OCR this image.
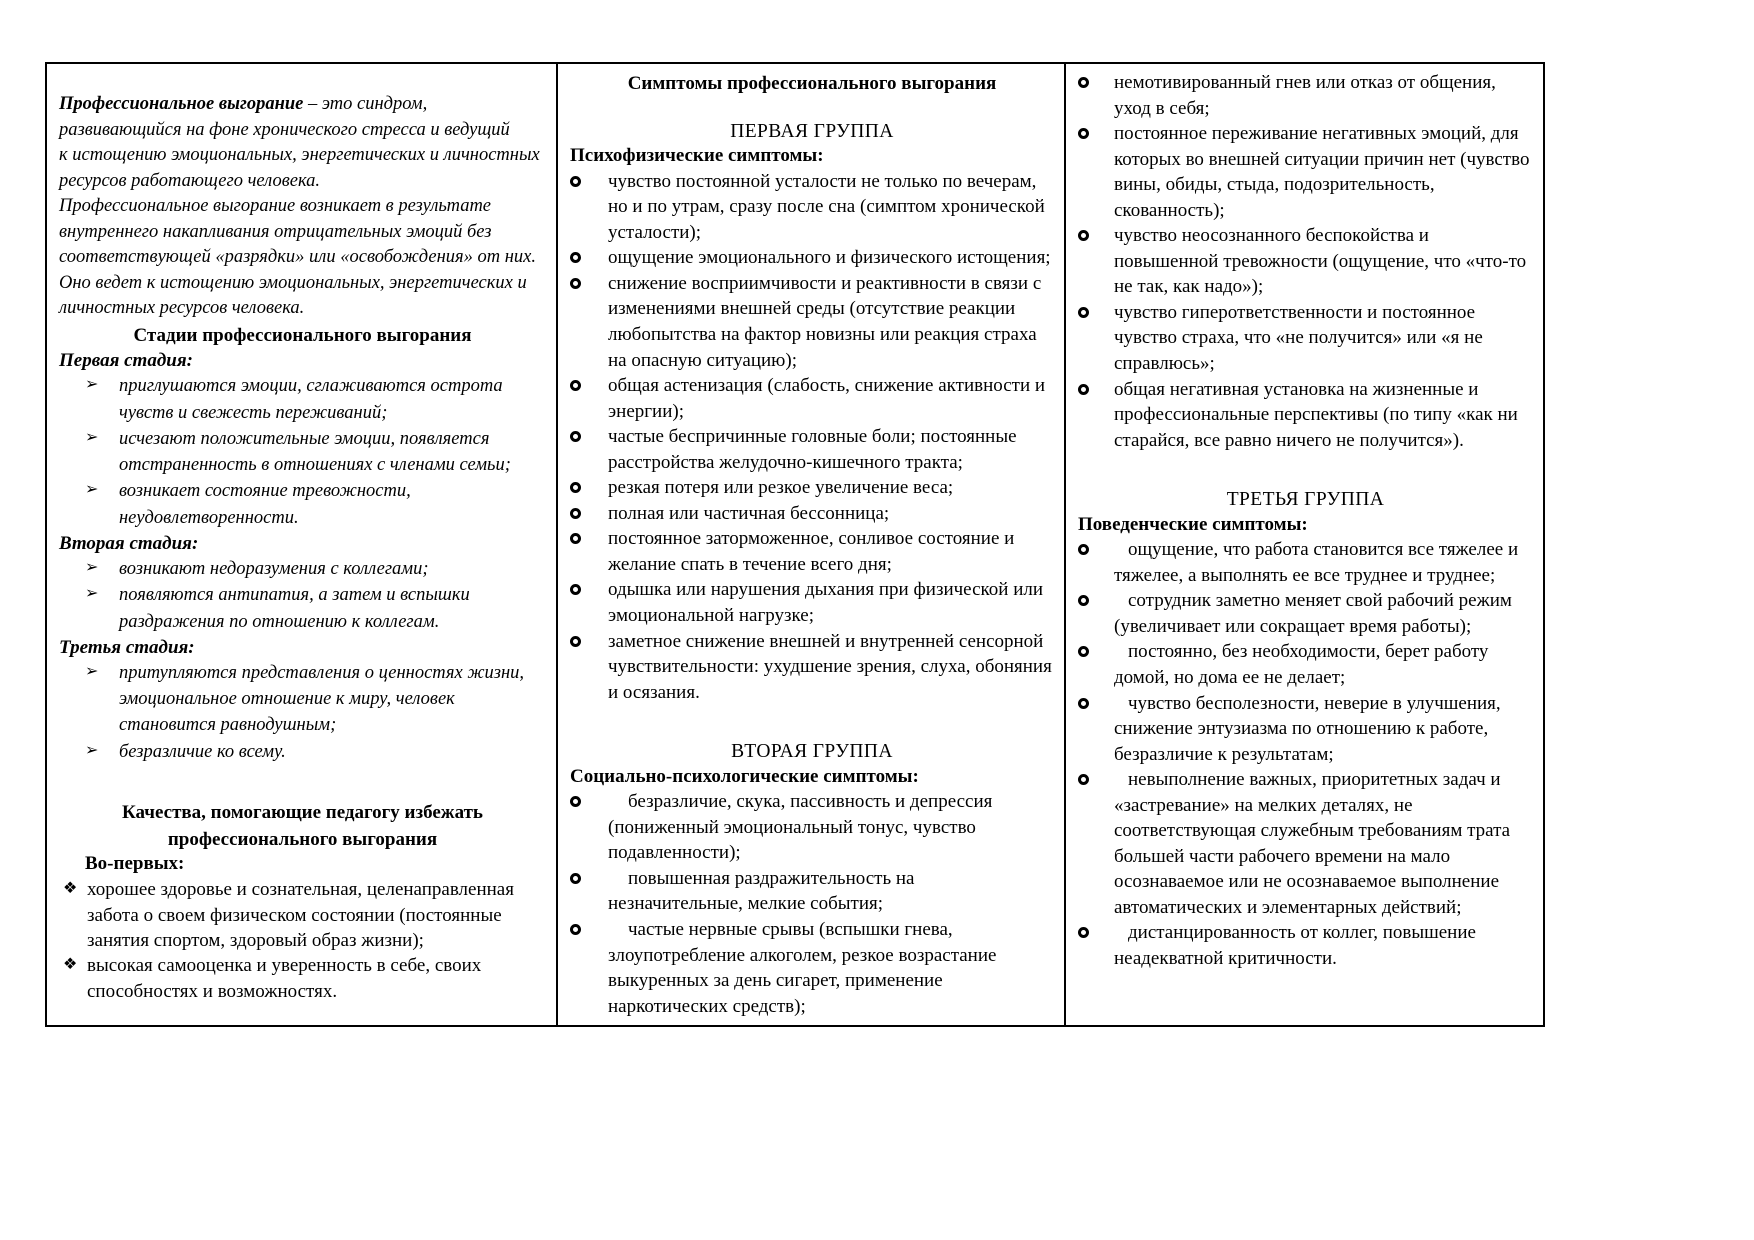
Профессиональное выгорание – это синдром, развивающийся на фоне хронического стресса и ведущий

к истощению эмоциональных, энергетических и личностных ресурсов работающего человека.

Профессиональное выгорание возникает в результате внутреннего накапливания отрицательных эмоций без соответствующей «разрядки» или «освобождения» от них. Оно ведет к истощению эмоциональных, энергетических и личностных ресурсов человека.

Стадии профессионального выгорания

Первая стадия:

➢	приглушаются эмоции, сглаживаются острота чувств и свежесть переживаний;
➢	исчезают положительные эмоции, появляется отстраненность в отношениях с членами семьи;
➢	возникает состояние тревожности, неудовлетворенности.

Вторая стадия:

➢	возникают недоразумения с коллегами;
➢	появляются антипатия, а затем и вспышки раздражения по отношению к коллегам.

Третья стадия:

➢	притупляются представления о ценностях жизни, эмоциональное отношение к миру, человек становится равнодушным;
➢	безразличие ко всему.

Качества, помогающие педагогу избежать

профессионального выгорания

Во-первых:

❖ хорошее здоровье и сознательная, целенаправленная забота о своем физическом состоянии (постоянные занятия спортом, здоровый образ жизни);
❖ высокая самооценка и уверенность в себе, своих способностях и возможностях.

Симптомы профессионального выгорания

ПЕРВАЯ ГРУППА

Психофизические симптомы:

чувство постоянной усталости не только по вечерам, но и по утрам, сразу после сна (симптом хронической усталости);
ощущение эмоционального и физического истощения;
снижение восприимчивости и реактивности в связи с изменениями внешней среды (отсутствие реакции любопытства на фактор новизны или реакция страха на опасную ситуацию);
общая астенизация (слабость, снижение активности и энергии);
частые беспричинные головные боли; постоянные расстройства желудочно-кишечного тракта;
резкая потеря или резкое увеличение веса;
полная или частичная бессонница;
постоянное заторможенное, сонливое состояние и желание спать в течение всего дня;
одышка или нарушения дыхания при физической или эмоциональной нагрузке;
заметное снижение внешней и внутренней сенсорной чувствительности: ухудшение зрения, слуха, обоняния и осязания.

ВТОРАЯ ГРУППА

Социально-психологические симптомы:

безразличие, скука, пассивность и депрессия (пониженный эмоциональный тонус, чувство подавленности);
повышенная раздражительность на незначительные, мелкие события;
частые нервные срывы (вспышки гнева, злоупотребление алкоголем, резкое возрастание выкуренных за день сигарет, применение наркотических средств);
немотивированный гнев или отказ от общения, уход в себя;
постоянное переживание негативных эмоций, для которых во внешней ситуации причин нет (чувство вины, обиды, стыда, подозрительность, скованность);
чувство неосознанного беспокойства и повышенной тревожности (ощущение, что «что-то не так, как надо»);
чувство гиперответственности и постоянное чувство страха, что «не получится» или «я не справлюсь»;
общая негативная установка на жизненные и профессиональные перспективы (по типу «как ни старайся, все равно ничего не получится»).

ТРЕТЬЯ ГРУППА

Поведенческие симптомы:

ощущение, что работа становится все тяжелее и тяжелее, а выполнять ее все труднее и труднее;
сотрудник заметно меняет свой рабочий режим (увеличивает или сокращает время работы);
постоянно, без необходимости, берет работу домой, но дома ее не делает;
чувство бесполезности, неверие в улучшения, снижение энтузиазма по отношению к работе, безразличие к результатам;
невыполнение важных, приоритетных задач и «застревание» на мелких деталях, не соответствующая служебным требованиям трата большей части рабочего времени на мало осознаваемое или не осознаваемое выполнение автоматических и элементарных действий;
дистанцированность от коллег, повышение неадекватной критичности.
